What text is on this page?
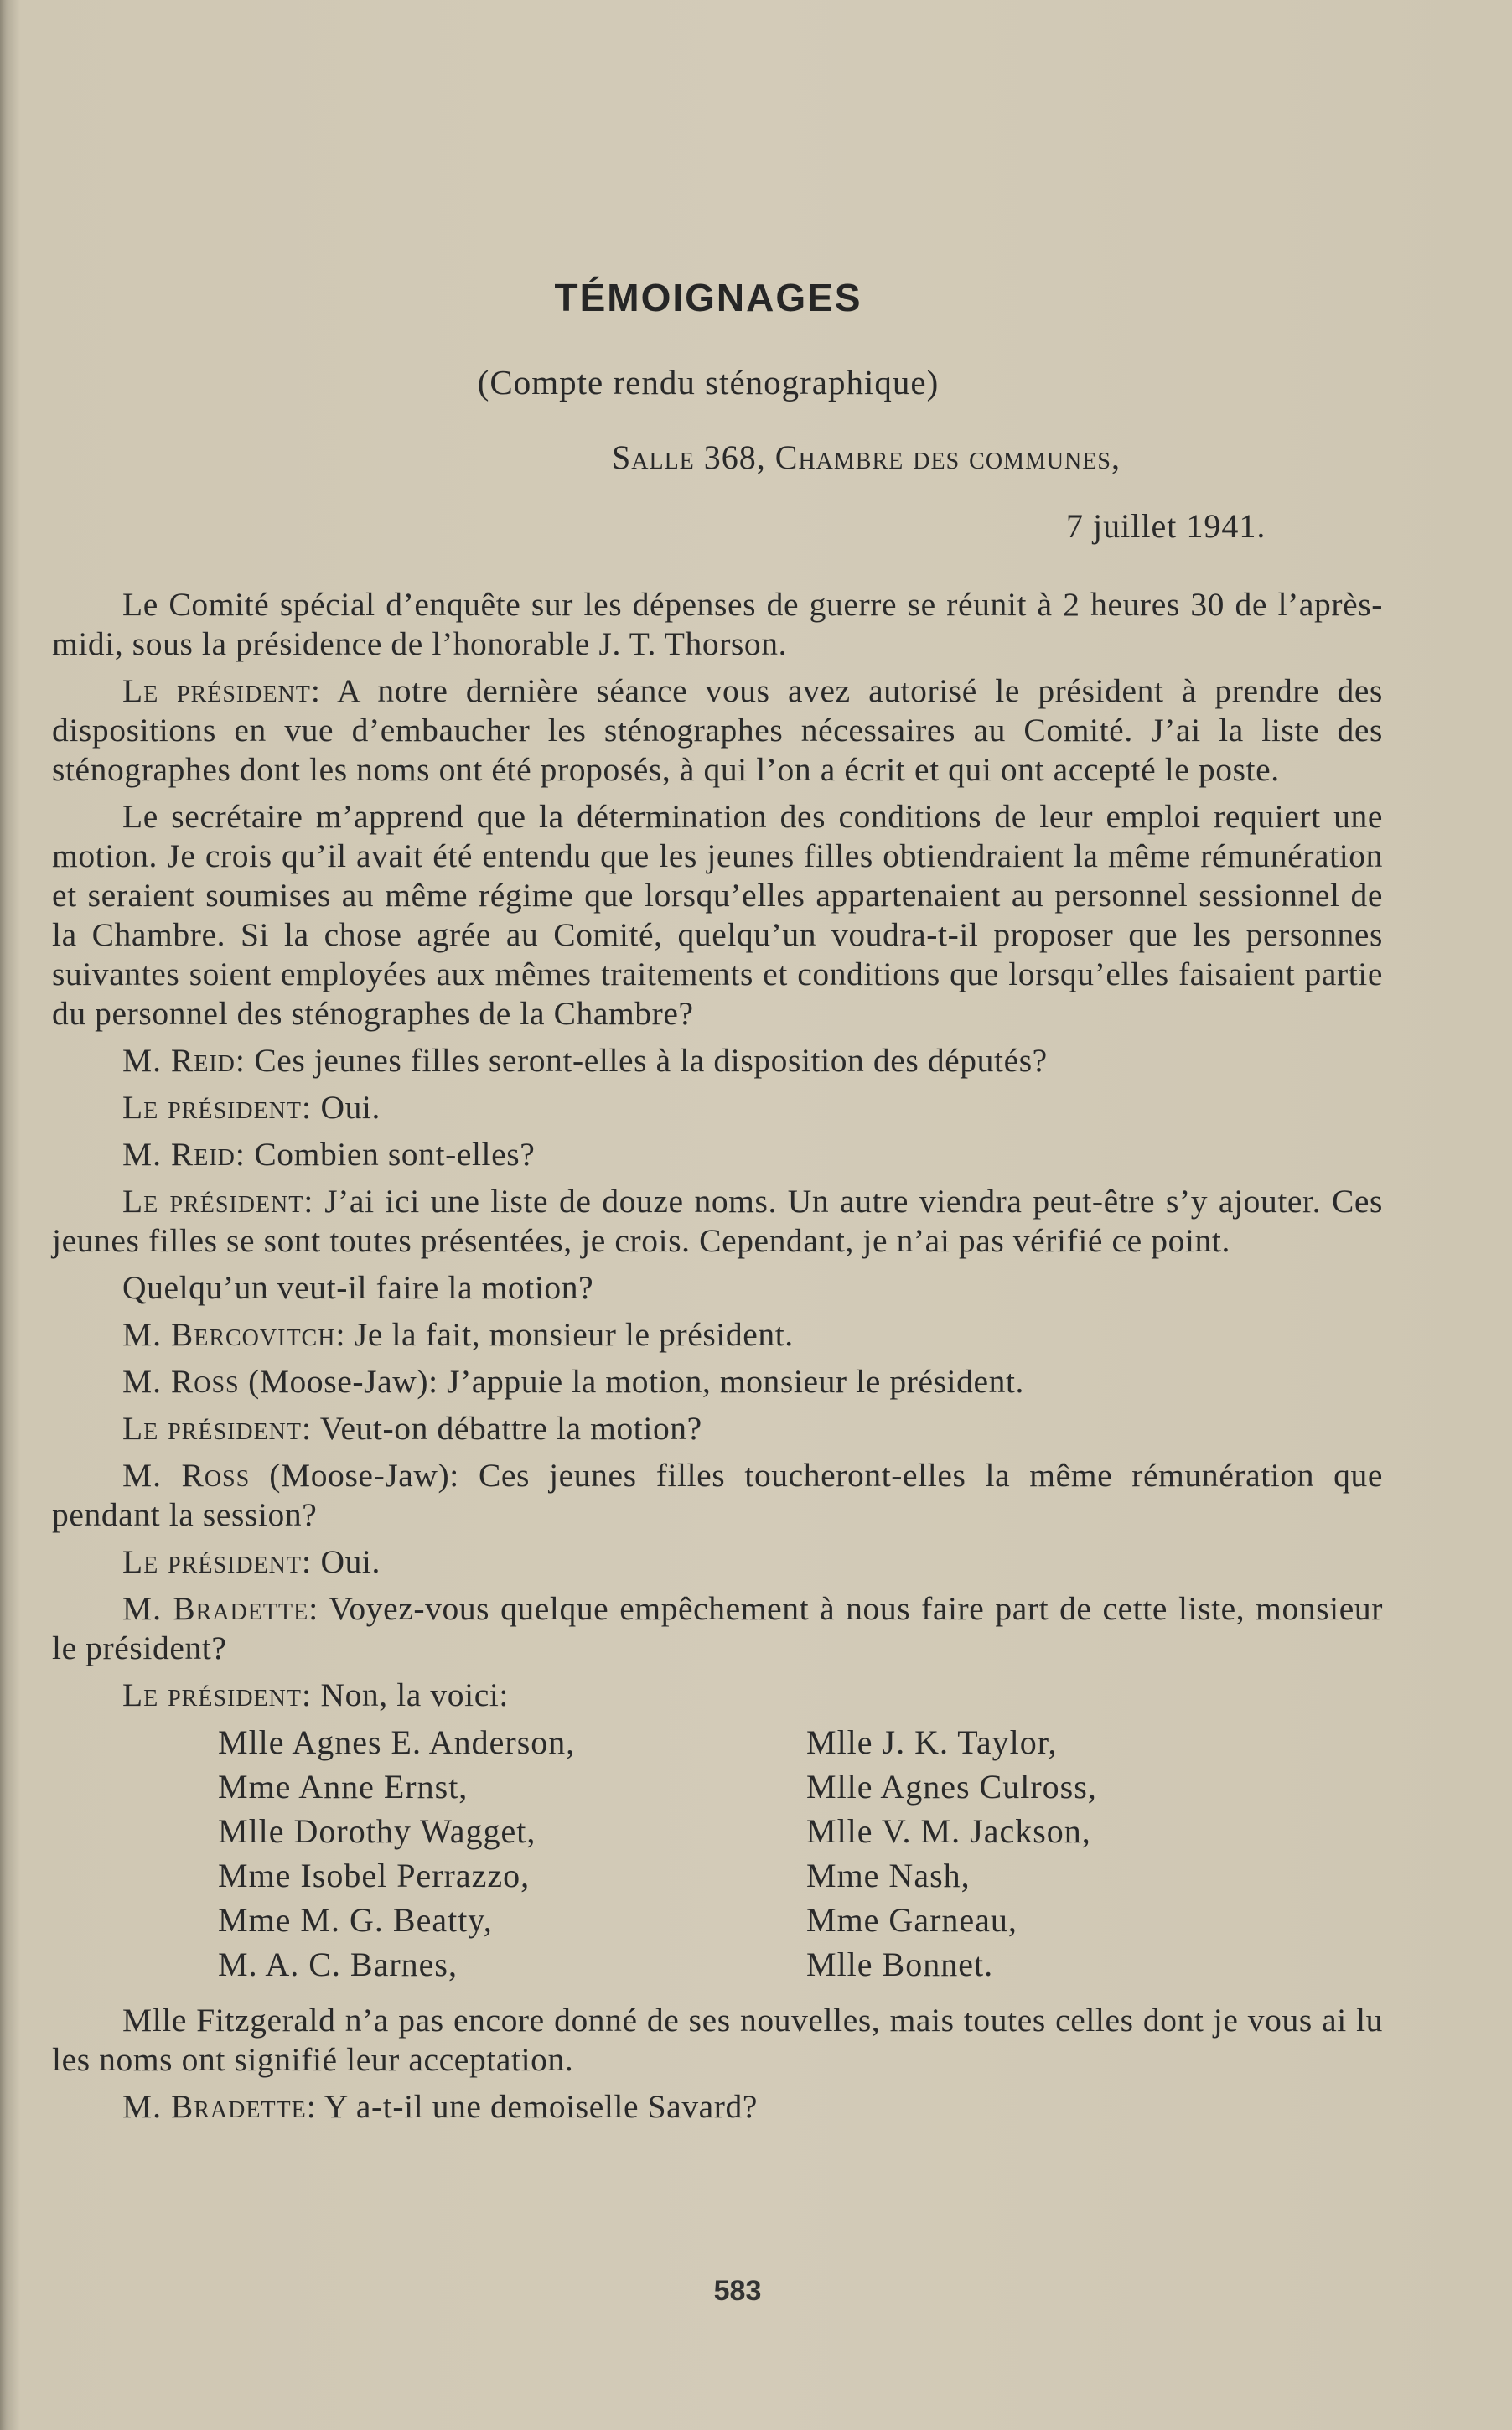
TÉMOIGNAGES
(Compte rendu sténographique)
Salle 368, Chambre des communes,
7 juillet 1941.

Le Comité spécial d’enquête sur les dépenses de guerre se réunit à 2 heures 30 de l’après-midi, sous la présidence de l’honorable J. T. Thorson.

Le président: A notre dernière séance vous avez autorisé le président à prendre des dispositions en vue d’embaucher les sténographes nécessaires au Comité. J’ai la liste des sténographes dont les noms ont été proposés, à qui l’on a écrit et qui ont accepté le poste.

Le secrétaire m’apprend que la détermination des conditions de leur emploi requiert une motion. Je crois qu’il avait été entendu que les jeunes filles obtiendraient la même rémunération et seraient soumises au même régime que lorsqu’elles appartenaient au personnel sessionnel de la Chambre. Si la chose agrée au Comité, quelqu’un voudra-t-il proposer que les personnes suivantes soient employées aux mêmes traitements et conditions que lorsqu’elles faisaient partie du personnel des sténographes de la Chambre?

M. Reid: Ces jeunes filles seront-elles à la disposition des députés?

Le président: Oui.

M. Reid: Combien sont-elles?

Le président: J’ai ici une liste de douze noms. Un autre viendra peut-être s’y ajouter. Ces jeunes filles se sont toutes présentées, je crois. Cependant, je n’ai pas vérifié ce point.

Quelqu’un veut-il faire la motion?

M. Bercovitch: Je la fait, monsieur le président.

M. Ross (Moose-Jaw): J’appuie la motion, monsieur le président.

Le président: Veut-on débattre la motion?

M. Ross (Moose-Jaw): Ces jeunes filles toucheront-elles la même rémunération que pendant la session?

Le président: Oui.

M. Bradette: Voyez-vous quelque empêchement à nous faire part de cette liste, monsieur le président?

Le président: Non, la voici:

Mlle Agnes E. Anderson,
Mme Anne Ernst,
Mlle Dorothy Wagget,
Mme Isobel Perrazzo,
Mme M. G. Beatty,
M. A. C. Barnes,
Mlle J. K. Taylor,
Mlle Agnes Culross,
Mlle V. M. Jackson,
Mme Nash,
Mme Garneau,
Mlle Bonnet.

Mlle Fitzgerald n’a pas encore donné de ses nouvelles, mais toutes celles dont je vous ai lu les noms ont signifié leur acceptation.

M. Bradette: Y a-t-il une demoiselle Savard?

583
